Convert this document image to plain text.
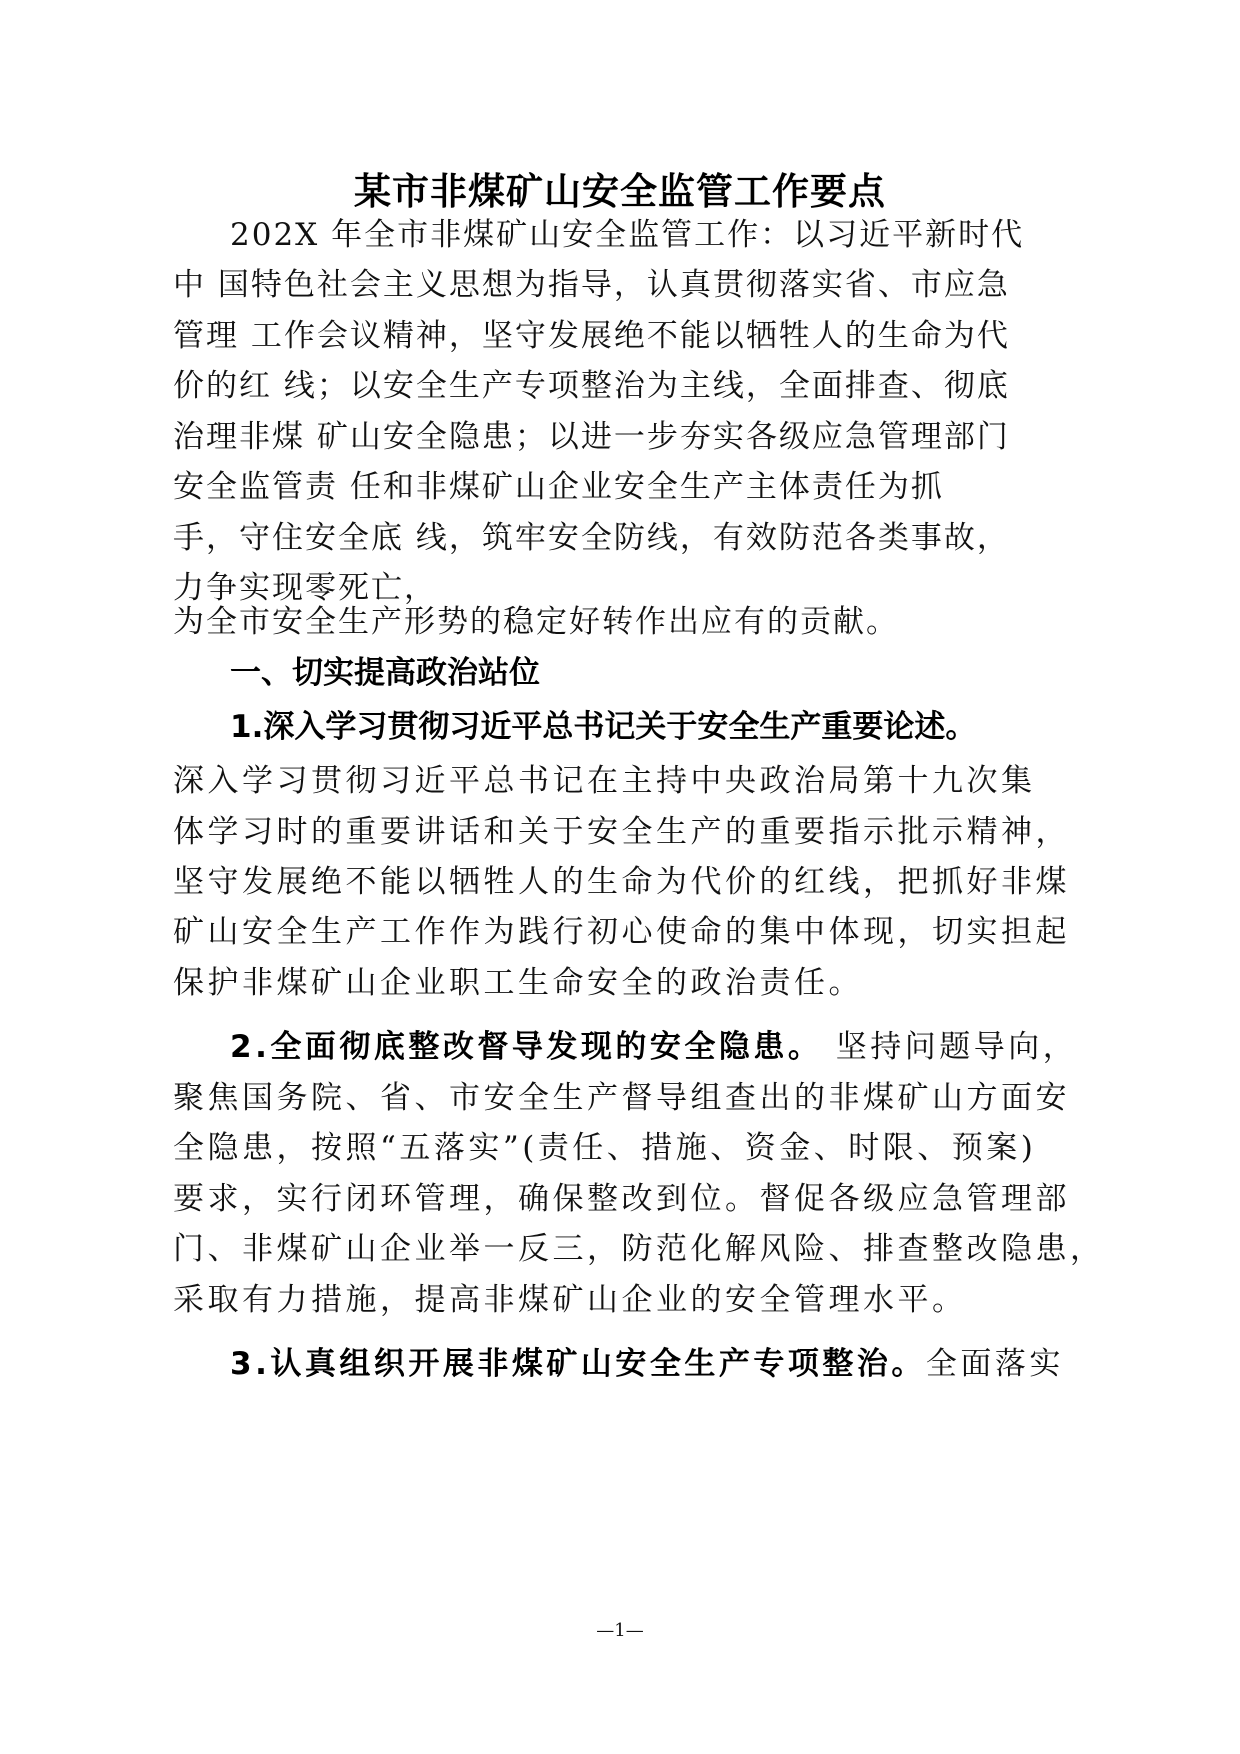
某市非煤矿山安全监管工作要点
202X 年全市非煤矿山安全监管工作：以习近平新时代
中 国特色社会主义思想为指导，认真贯彻落实省、市应急
管理 工作会议精神，坚守发展绝不能以牺牲人的生命为代
价的红 线；以安全生产专项整治为主线，全面排查、彻底
治理非煤 矿山安全隐患；以进一步夯实各级应急管理部门
安全监管责 任和非煤矿山企业安全生产主体责任为抓
手，守住安全底 线，筑牢安全防线，有效防范各类事故，
力争实现零死亡，
为全市安全生产形势的稳定好转作出应有的贡献。
一、切实提高政治站位
1.深入学习贯彻习近平总书记关于安全生产重要论述。
深入学习贯彻习近平总书记在主持中央政治局第十九次集
体学习时的重要讲话和关于安全生产的重要指示批示精神，
坚守发展绝不能以牺牲人的生命为代价的红线，把抓好非煤
矿山安全生产工作作为践行初心使命的集中体现，切实担起
保护非煤矿山企业职工生命安全的政治责任。
2.全面彻底整改督导发现的安全隐患。 坚持问题导向，
聚焦国务院、省、市安全生产督导组查出的非煤矿山方面安
全隐患，按照“五落实”(责任、措施、资金、时限、预案)
要求，实行闭环管理，确保整改到位。督促各级应急管理部
门、非煤矿山企业举一反三，防范化解风险、排查整改隐患，
采取有力措施，提高非煤矿山企业的安全管理水平。
3.认真组织开展非煤矿山安全生产专项整治。全面落实
—1—
